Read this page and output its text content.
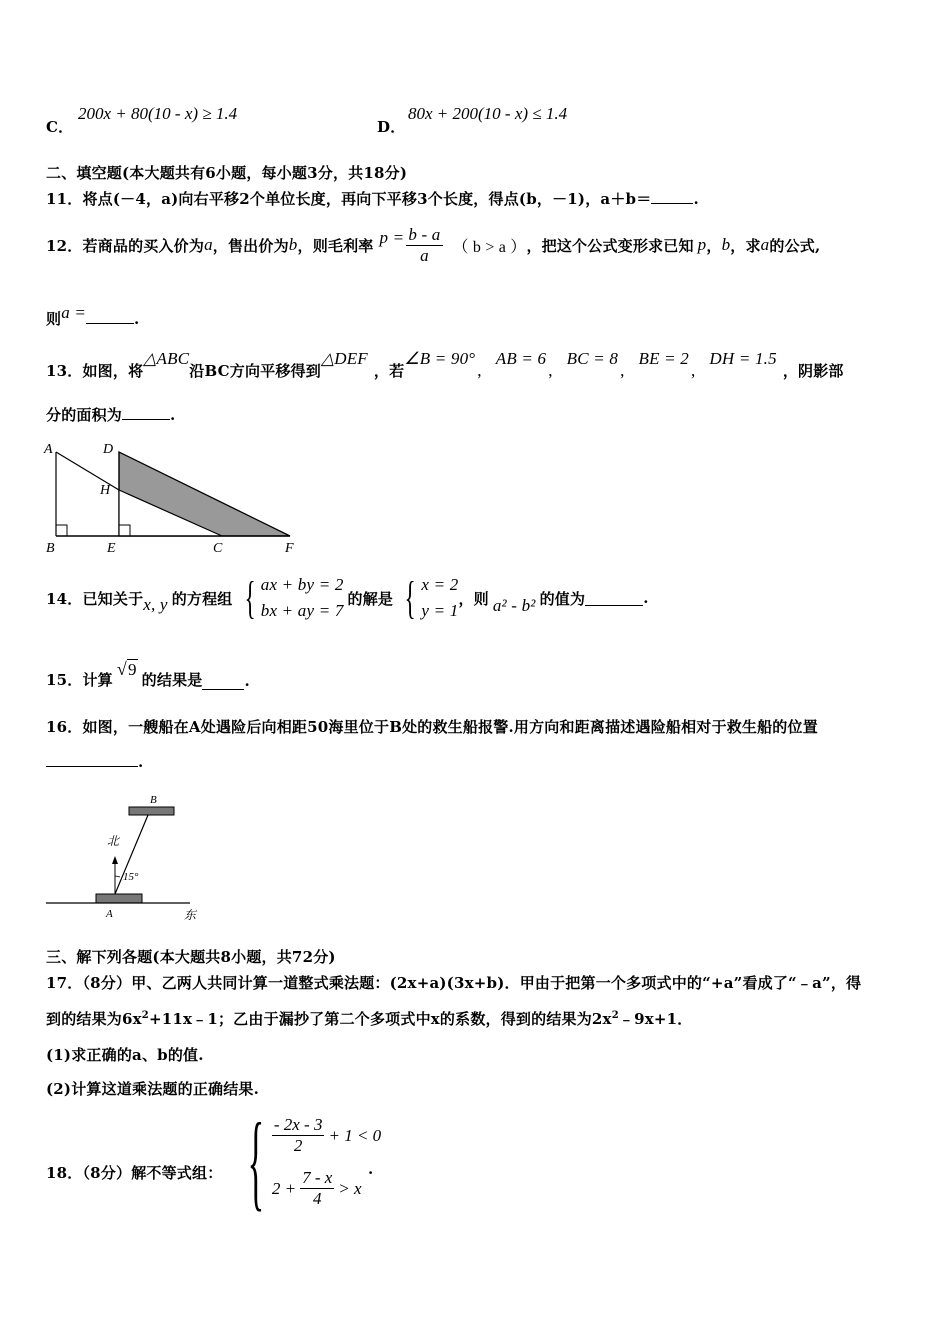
C．
200x + 80(10 - x) ≥ 1.4
D．
80x + 200(10 - x) ≤ 1.4
二、填空题(本大题共有6小题，每小题3分，共18分)
11．将点(－4，a)向右平移2个单位长度，再向下平移3个长度，得点(b，－1)，a＋b＝	.
12．若商品的买入价为 a ，售出价为 b ，则毛利率 $p = \frac{b - a}{a}$ （ b > a ） ，把这个公式变形求已知 p ， b ，求 a 的公式,
则a =	.
13．如图，将
△ABC
沿BC方向平移得到
△DEF
，若
∠B = 90°
,
AB = 6
,
BC = 8
,
BE = 2
,
DH = 1.5
，阴影部
分的面积为	.
A	D
H
B	E	C	F
14．已知关于 x, y 的方程组 { ax + by = 2
bx + ay = 7
的解是 { x = 2
y = 1
，则 a² - b² 的值为	.
15．计算
√ 9
的结果是	.
16．如图，一艘船在A处遇险后向相距50海里位于B处的救生船报警.用方向和距离描述遇险船相对于救生船的位置
.
B
15°
北
A	东
三、解下列各题(本大题共8小题，共72分)
17．（8分）甲、乙两人共同计算一道整式乘法题：(2x+a)(3x+b)．甲由于把第一个多项式中的“+a”看成了“﹣a”，得
到的结果为$6x^2+11x﹣1$；乙由于漏抄了第二个多项式中x的系数，得到的结果为$2x^2﹣9x+1$．
(1)求正确的a、b的值.
(2)计算这道乘法题的正确结果.
18．（8分）解不等式组： { $\frac{- 2x - 3}{2} + 1 < 0$
$2 + \frac{7 - x}{4} > x$
.
